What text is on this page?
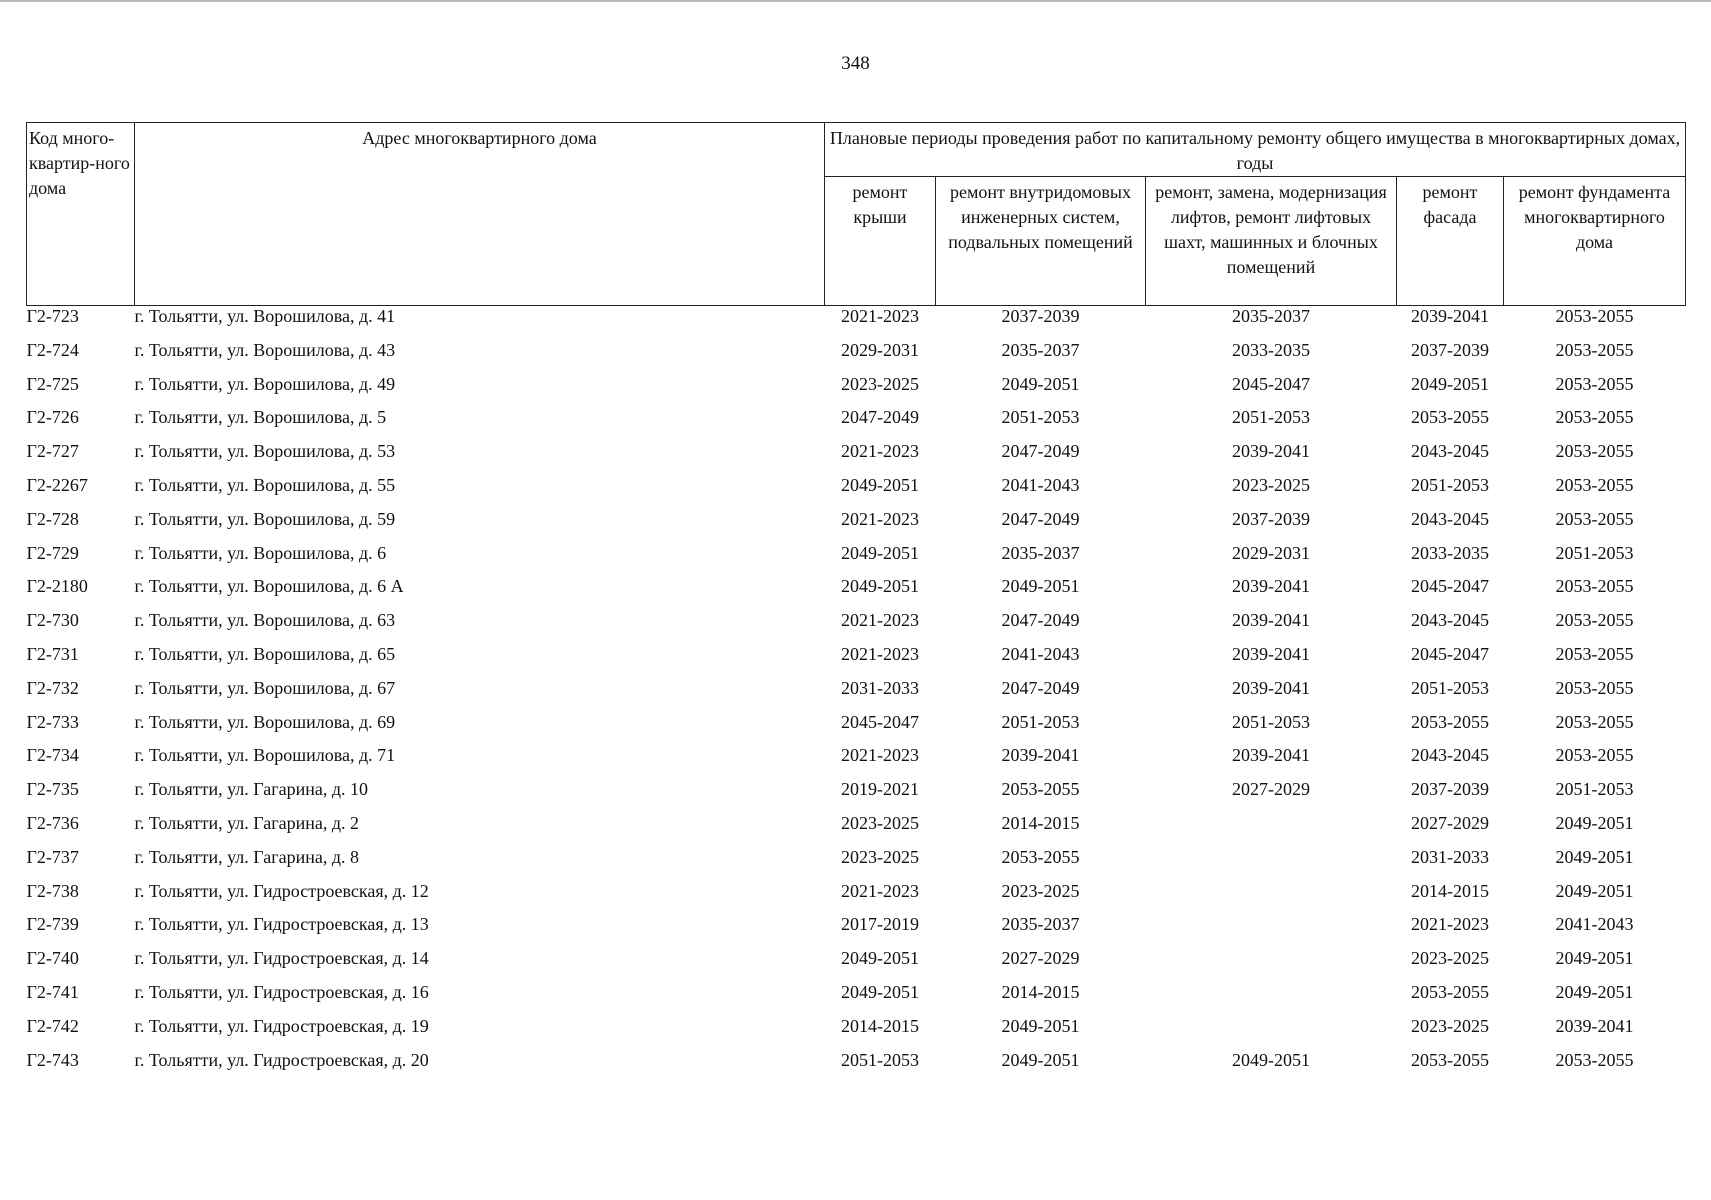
348
Код много-квартир-ного дома	Адрес многоквартирного дома	Плановые периоды проведения работ по капитальному ремонту общего имущества в многоквартирных домах, годы				
		ремонт крыши	ремонт внутридомовых инженерных систем, подвальных помещений	ремонт, замена, модернизация лифтов, ремонт лифтовых шахт, машинных и блочных помещений	ремонт фасада	ремонт фундамента многоквартирного дома
Г2-723	г. Тольятти, ул. Ворошилова, д. 41	2021-2023	2037-2039	2035-2037	2039-2041	2053-2055
Г2-724	г. Тольятти, ул. Ворошилова, д. 43	2029-2031	2035-2037	2033-2035	2037-2039	2053-2055
Г2-725	г. Тольятти, ул. Ворошилова, д. 49	2023-2025	2049-2051	2045-2047	2049-2051	2053-2055
Г2-726	г. Тольятти, ул. Ворошилова, д. 5	2047-2049	2051-2053	2051-2053	2053-2055	2053-2055
Г2-727	г. Тольятти, ул. Ворошилова, д. 53	2021-2023	2047-2049	2039-2041	2043-2045	2053-2055
Г2-2267	г. Тольятти, ул. Ворошилова, д. 55	2049-2051	2041-2043	2023-2025	2051-2053	2053-2055
Г2-728	г. Тольятти, ул. Ворошилова, д. 59	2021-2023	2047-2049	2037-2039	2043-2045	2053-2055
Г2-729	г. Тольятти, ул. Ворошилова, д. 6	2049-2051	2035-2037	2029-2031	2033-2035	2051-2053
Г2-2180	г. Тольятти, ул. Ворошилова, д. 6 А	2049-2051	2049-2051	2039-2041	2045-2047	2053-2055
Г2-730	г. Тольятти, ул. Ворошилова, д. 63	2021-2023	2047-2049	2039-2041	2043-2045	2053-2055
Г2-731	г. Тольятти, ул. Ворошилова, д. 65	2021-2023	2041-2043	2039-2041	2045-2047	2053-2055
Г2-732	г. Тольятти, ул. Ворошилова, д. 67	2031-2033	2047-2049	2039-2041	2051-2053	2053-2055
Г2-733	г. Тольятти, ул. Ворошилова, д. 69	2045-2047	2051-2053	2051-2053	2053-2055	2053-2055
Г2-734	г. Тольятти, ул. Ворошилова, д. 71	2021-2023	2039-2041	2039-2041	2043-2045	2053-2055
Г2-735	г. Тольятти, ул. Гагарина, д. 10	2019-2021	2053-2055	2027-2029	2037-2039	2051-2053
Г2-736	г. Тольятти, ул. Гагарина, д. 2	2023-2025	2014-2015		2027-2029	2049-2051
Г2-737	г. Тольятти, ул. Гагарина, д. 8	2023-2025	2053-2055		2031-2033	2049-2051
Г2-738	г. Тольятти, ул. Гидростроевская, д. 12	2021-2023	2023-2025		2014-2015	2049-2051
Г2-739	г. Тольятти, ул. Гидростроевская, д. 13	2017-2019	2035-2037		2021-2023	2041-2043
Г2-740	г. Тольятти, ул. Гидростроевская, д. 14	2049-2051	2027-2029		2023-2025	2049-2051
Г2-741	г. Тольятти, ул. Гидростроевская, д. 16	2049-2051	2014-2015		2053-2055	2049-2051
Г2-742	г. Тольятти, ул. Гидростроевская, д. 19	2014-2015	2049-2051		2023-2025	2039-2041
Г2-743	г. Тольятти, ул. Гидростроевская, д. 20	2051-2053	2049-2051	2049-2051	2053-2055	2053-2055
